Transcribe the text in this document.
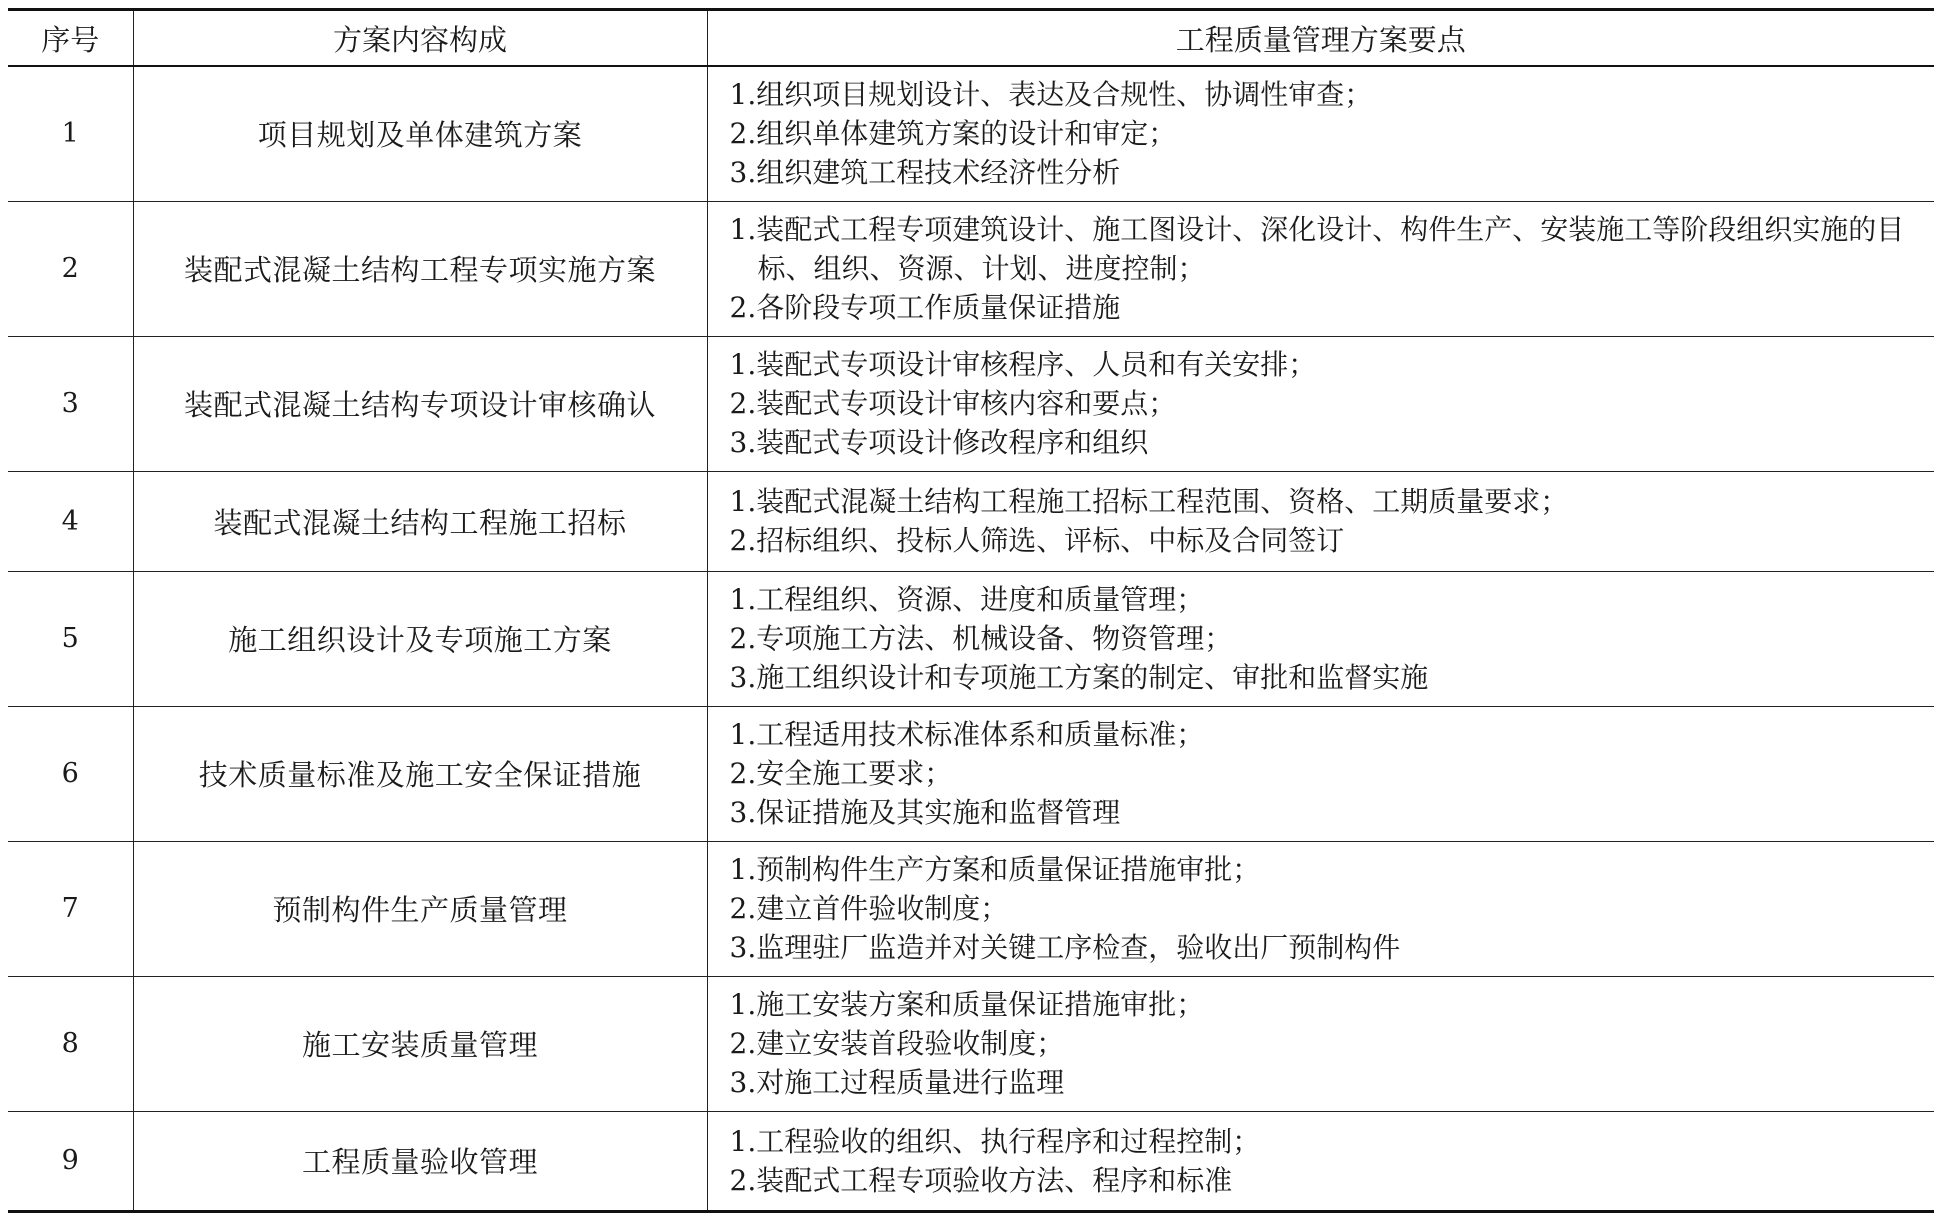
序号	方案内容构成	工程质量管理方案要点
1	项目规划及单体建筑方案	1.组织项目规划设计、表达及合规性、协调性审查；
2.组织单体建筑方案的设计和审定；
3.组织建筑工程技术经济性分析

2	装配式混凝土结构工程专项实施方案	1.装配式工程专项建筑设计、施工图设计、深化设计、构件生产、安装施工等阶段组织实施的目标、组织、资源、计划、进度控制；
2.各阶段专项工作质量保证措施

3	装配式混凝土结构专项设计审核确认	1.装配式专项设计审核程序、人员和有关安排；
2.装配式专项设计审核内容和要点；
3.装配式专项设计修改程序和组织

4	装配式混凝土结构工程施工招标	1.装配式混凝土结构工程施工招标工程范围、资格、工期质量要求；
2.招标组织、投标人筛选、评标、中标及合同签订

5	施工组织设计及专项施工方案	1.工程组织、资源、进度和质量管理；
2.专项施工方法、机械设备、物资管理；
3.施工组织设计和专项施工方案的制定、审批和监督实施

6	技术质量标准及施工安全保证措施	1.工程适用技术标准体系和质量标准；
2.安全施工要求；
3.保证措施及其实施和监督管理

7	预制构件生产质量管理	1.预制构件生产方案和质量保证措施审批；
2.建立首件验收制度；
3.监理驻厂监造并对关键工序检查，验收出厂预制构件

8	施工安装质量管理	1.施工安装方案和质量保证措施审批；
2.建立安装首段验收制度；
3.对施工过程质量进行监理

9	工程质量验收管理	1.工程验收的组织、执行程序和过程控制；
2.装配式工程专项验收方法、程序和标准
